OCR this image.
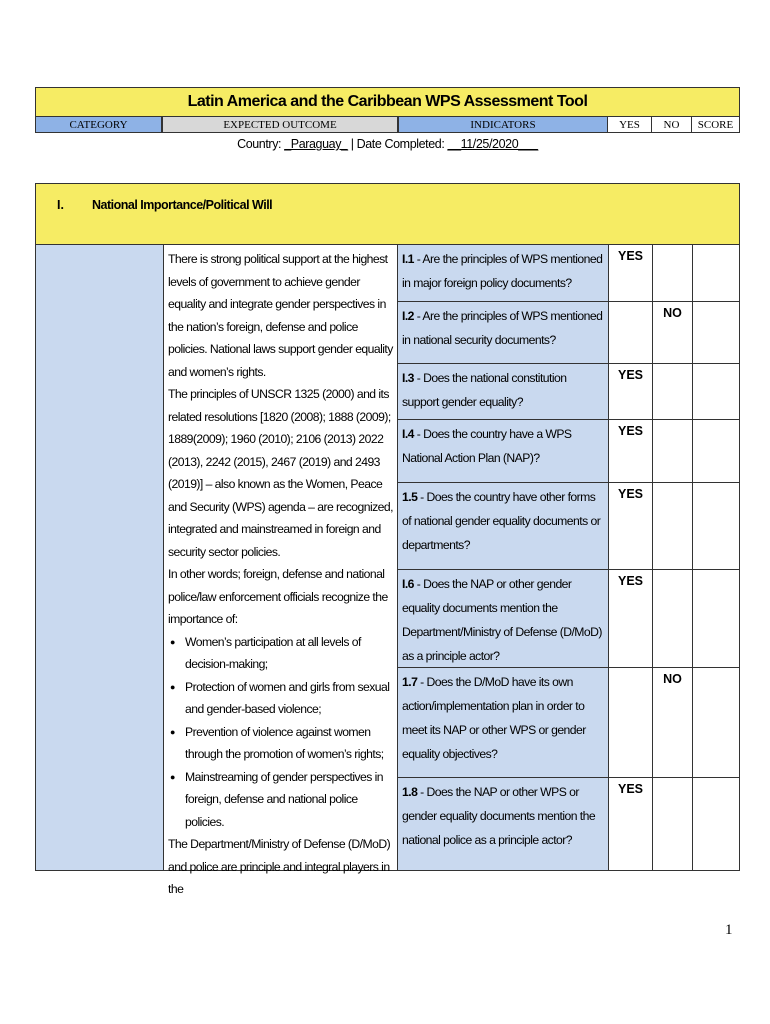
Latin America and the Caribbean WPS Assessment Tool
CATEGORY	EXPECTED OUTCOME	INDICATORS	YES	NO	SCORE
Country: _Paraguay_ | Date Completed: __11/25/2020___
I. National Importance/Political Will

There is strong political support at the highest levels of government to achieve gender equality and integrate gender perspectives in the nation’s foreign, defense and police policies. National laws support gender equality and women’s rights.

The principles of UNSCR 1325 (2000) and its related resolutions [1820 (2008); 1888 (2009); 1889(2009); 1960 (2010); 2106 (2013) 2022 (2013), 2242 (2015), 2467 (2019) and 2493 (2019)] – also known as the Women, Peace and Security (WPS) agenda – are recognized, integrated and mainstreamed in foreign and security sector policies.

In other words; foreign, defense and national police/law enforcement officials recognize the importance of:

● Women’s participation at all levels of decision-making;
● Protection of women and girls from sexual and gender-based violence;
● Prevention of violence against women through the promotion of women’s rights;
● Mainstreaming of gender perspectives in foreign, defense and national police policies.

The Department/Ministry of Defense (D/MoD) and police are principle and integral players in the

I.1 - Are the principles of WPS mentioned in major foreign policy documents?
YES
I.2 - Are the principles of WPS mentioned in national security documents?
NO
I.3 - Does the national constitution support gender equality?
YES
I.4 - Does the country have a WPS National Action Plan (NAP)?
YES
1.5 - Does the country have other forms of national gender equality documents or departments?
YES
I.6 - Does the NAP or other gender equality documents mention the Department/Ministry of Defense (D/MoD) as a principle actor?
YES
1.7 - Does the D/MoD have its own action/implementation plan in order to meet its NAP or other WPS or gender equality objectives?
NO
1.8 - Does the NAP or other WPS or gender equality documents mention the national police as a principle actor?
YES
1
